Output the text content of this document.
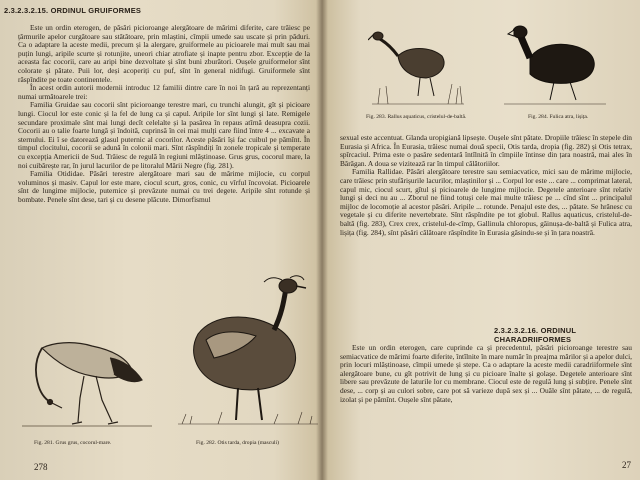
2.3.2.3.2.15. ORDINUL GRUIFORMES

Este un ordin eterogen, de păsări picioroange alergătoare de mărimi diferite, care trăiesc pe țărmurile apelor curgătoare sau stătătoare, prin mlaștini, cîmpii umede sau uscate și prin păduri. Ca o adaptare la aceste medii, precum și la alergare, gruiformele au picioarele mai mult sau mai puțin lungi, aripile scurte și rotunjite, uneori chiar atrofiate și inapte pentru zbor. Excepție de la aceasta fac cocorii, care au aripi bine dezvoltate și sînt buni zburători. Oușele gruiformelor sînt colorate și pătate. Puii lor, deși acoperiți cu puf, sînt în general nidifugi. Gruiformele sînt răspîndite pe toate continentele.

În acest ordin autorii modernii introduc 12 familii dintre care în noi în țară au reprezentanți numai următoarele trei:

Familia Gruidae sau cocorii sînt picioroange terestre mari, cu trunchi alungit, gît și picioare lungi. Ciocul lor este conic și la fel de lung ca și capul. Aripile lor sînt lungi și late. Remigele secundare proximale sînt mai lungi decît celelalte și la pasărea în repaus atîrnă deasupra cozii. Cocorii au o talie foarte lungă și îndoită, cuprinsă în cei mai mulți care fiind între 4 ... excavate a sternului. Ei î se datorează glasul puternic al cocorilor. Aceste păsări își fac cuibul pe pămînt. În timpul clocitului, cocorii se adună în colonii mari. Sînt răspîndiți în zonele tropicale și temperate cu excepția Americii de Sud. Trăiesc de regulă în regiuni mlăștinoase. Grus grus, cocorul mare, la noi cuibărește rar, în jurul lacurilor de pe litoralul Mării Negre (fig. 281).

Familia Otididae. Păsări terestre alergătoare mari sau de mărime mijlocie, cu corpul voluminos și masiv. Capul lor este mare, ciocul scurt, gros, conic, cu vîrful încovoiat. Picioarele sînt de lungime mijlocie, puternice și prevăzute numai cu trei degete. Aripile sînt rotunde și bombate. Penele sînt dese, tari și cu desene plăcute. Dimorfismul

Fig. 281. Grus grus, cocorul-mare.	Fig. 282. Otis tarda, dropia (masculi)
278
Fig. 283. Rallus aquaticus, cristelul-de-baltă.	Fig. 284. Fulica atra, lișița.

sexual este accentuat. Glanda uropigiană lipsește. Oușele sînt pătate. Dropiile trăiesc în stepele din Eurasia și Africa. În Eurasia, trăiesc numai două specii, Otis tarda, dropia (fig. 282) și Otis tetrax, spîrcaciul. Prima este o pasăre sedentară întîlnită în cîmpiile întinse din țara noastră, mai ales în Bărăgan. A doua se vizitează rar în timpul călătoriilor.

Familia Rallidae. Păsări alergătoare terestre sau semiacvatice, mici sau de mărime mijlocie, care trăiesc prin stufărișurile lacurilor, mlaștinilor și ... Corpul lor este ... care ... comprimat lateral, capul mic, ciocul scurt, gîtul și picioarele de lungime mijlocie. Degetele anterioare sînt relativ lungi și deci nu au ... Zborul ne fiind totuși cele mai multe trăiesc pe ... cînd sînt ... principalul mijloc de locomoție al acestor păsări. Aripile ... rotunde. Penajul este des, ... pătate. Se hrănesc cu vegetale și cu diferite nevertebrate. Sînt răspîndite pe tot globul. Rallus aquaticus, cristelul-de-baltă (fig. 283), Crex crex, cristelul-de-cîmp, Gallinula chloropus, găinușa-de-baltă și Fulica atra, lișița (fig. 284), sînt păsări călătoare răspîndite în Eurasia găsindu-se și în țara noastră.

2.3.2.3.2.16. ORDINUL CHARADRIIFORMES

Este un ordin eterogen, care cuprinde ca și precedentul, păsări picioroange terestre sau semiacvatice de mărimi foarte diferite, întîlnite în mare număr în preajma mărilor și a apelor dulci, prin locuri mlăștinoase, cîmpii umede și stepe. Ca o adaptare la aceste medii caradriiformele sînt alergătoare bune, cu gît potrivit de lung și cu picioare înalte și golașe. Degetele anterioare sînt libere sau prevăzute de laturile lor cu membrane. Ciocul este de regulă lung și subțire. Penele sînt dese, ... corp și au culori sobre, care pot să varieze după sex și ... Ouăle sînt pătate, ... de regulă, izolat și pe pămînt. Oușele sînt pătate,

27
